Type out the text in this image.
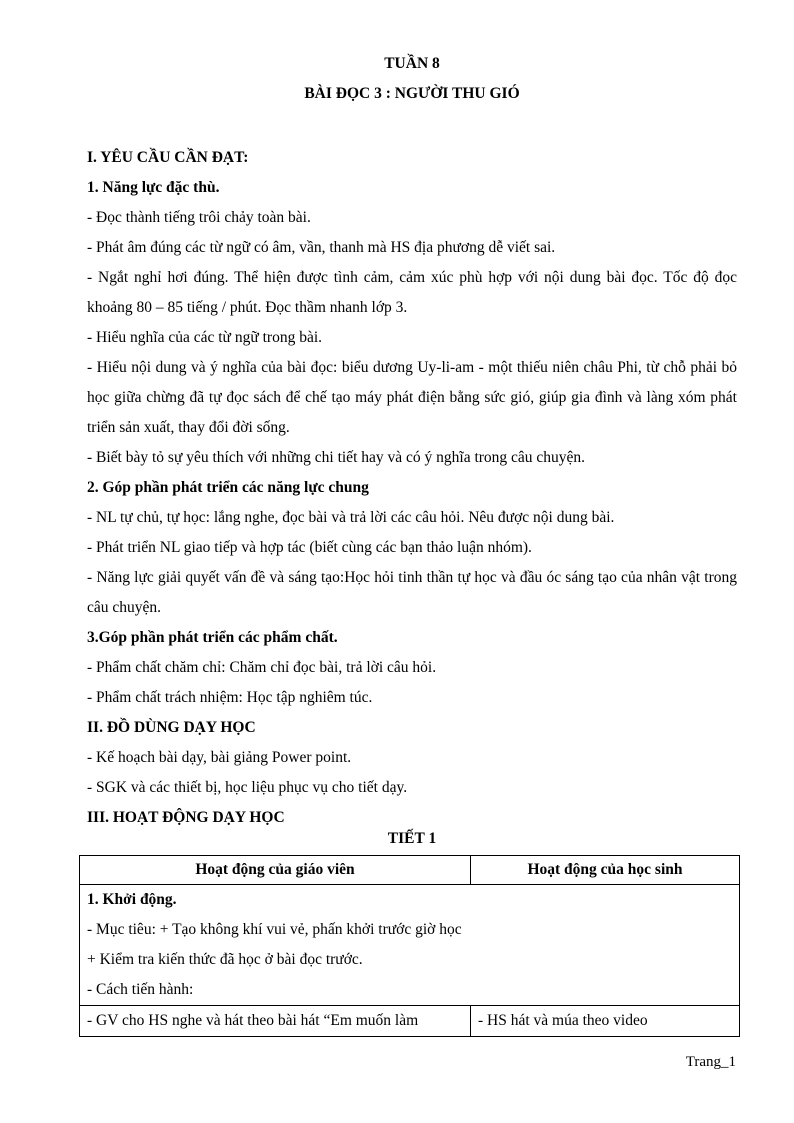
TUẦN 8
BÀI ĐỌC 3 : NGƯỜI THU GIÓ
I. YÊU CẦU CẦN ĐẠT:
1. Năng lực đặc thù.
- Đọc thành tiếng trôi chảy toàn bài.
- Phát âm đúng các từ ngữ có âm, vần, thanh mà HS địa phương dễ viết sai.
- Ngắt nghỉ hơi đúng. Thể hiện được tình cảm, cảm xúc phù hợp với nội dung bài đọc. Tốc độ đọc khoảng 80 – 85 tiếng / phút. Đọc thầm nhanh lớp 3.
- Hiểu nghĩa của các từ ngữ trong bài.
- Hiểu nội dung và ý nghĩa của bài đọc: biểu dương Uy-li-am - một thiếu niên châu Phi, từ chỗ phải bỏ học giữa chừng đã tự đọc sách để chế tạo máy phát điện bằng sức gió, giúp gia đình và làng xóm phát triển sản xuất, thay đổi đời sống.
- Biết bày tỏ sự yêu thích với những chi tiết hay và có ý nghĩa trong câu chuyện.
2. Góp phần phát triển các năng lực chung
- NL tự chủ, tự học: lắng nghe, đọc bài và trả lời các câu hỏi. Nêu được nội dung bài.
- Phát triển NL giao tiếp và hợp tác (biết cùng các bạn thảo luận nhóm).
- Năng lực giải quyết vấn đề và sáng tạo:Học hỏi tinh thần tự học và đầu óc sáng tạo của nhân vật trong câu chuyện.
3.Góp phần phát triển các phẩm chất.
- Phẩm chất chăm chỉ: Chăm chỉ đọc bài, trả lời câu hỏi.
- Phẩm chất trách nhiệm: Học tập nghiêm túc.
II. ĐỒ DÙNG DẠY HỌC
- Kế hoạch bài dạy, bài giảng Power point.
- SGK và các thiết bị, học liệu phục vụ cho tiết dạy.
III. HOẠT ĐỘNG DẠY HỌC
TIẾT 1
Hoạt động của giáo viên	Hoạt động của học sinh

1. Khởi động.
- Mục tiêu: + Tạo không khí vui vẻ, phấn khởi trước giờ học
+ Kiểm tra kiến thức đã học ở bài đọc trước.
- Cách tiến hành:	

- GV cho HS nghe và hát theo bài hát “Em muốn làm	- HS hát và múa theo video
Trang_1
